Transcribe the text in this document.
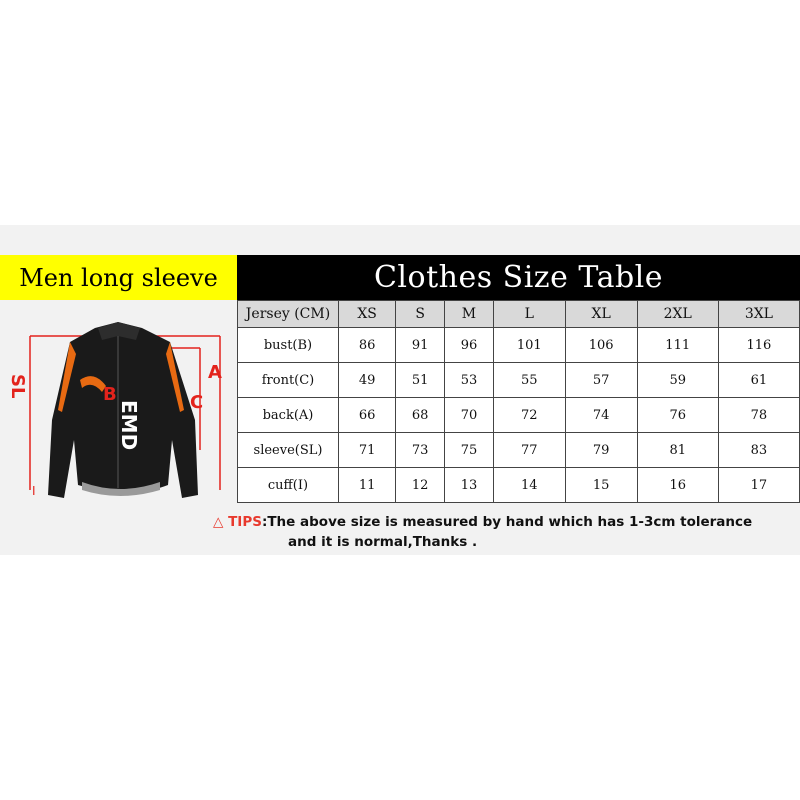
Men long sleeve	Clothes Size Table
EMD
SL
A
B	C
I
Jersey (CM)	XS	S	M	L	XL	2XL	3XL
bust(B)	86	91	96	101	106	111	116
front(C)	49	51	53	55	57	59	61
back(A)	66	68	70	72	74	76	78
sleeve(SL)	71	73	75	77	79	81	83
cuff(I)	11	12	13	14	15	16	17
△ TIPS:The above size is measured by hand which has 1-3cm tolerance
and it is normal,Thanks .
